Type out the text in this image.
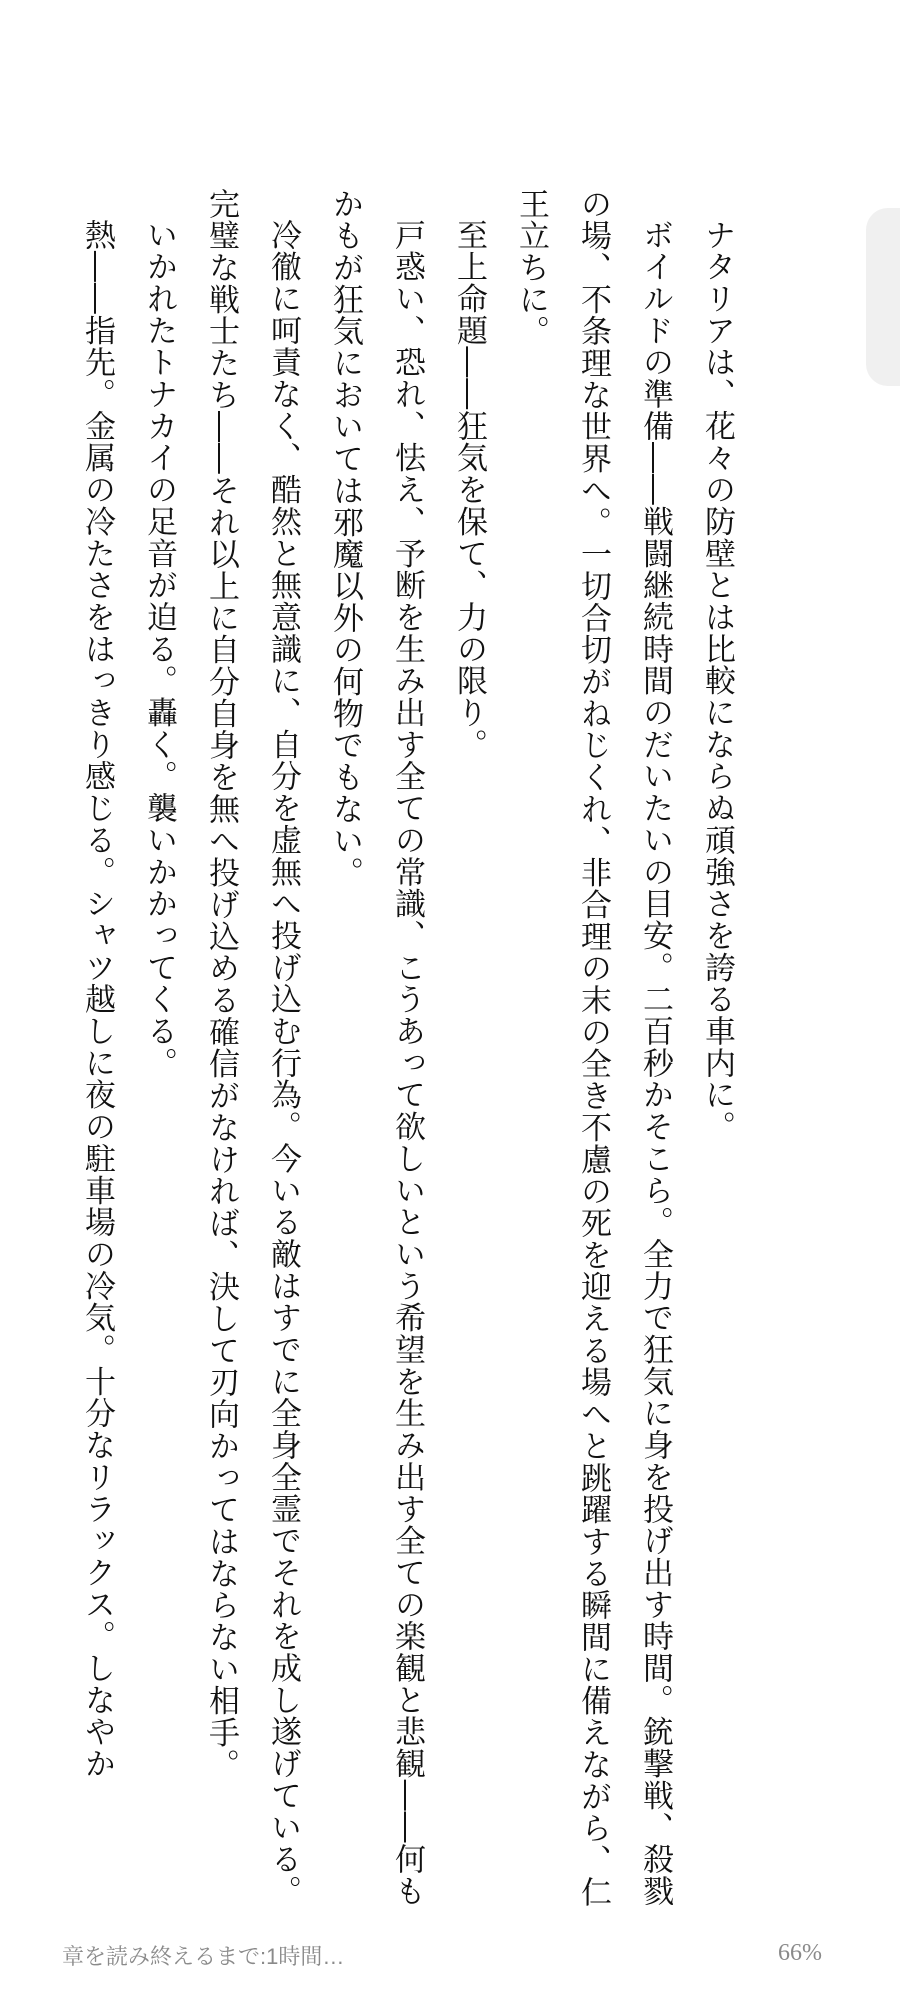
ナタリアは、花々の防壁とは比較にならぬ頑強さを誇る車内に。

ボイルドの準備――戦闘継続時間のだいたいの目安。二百秒かそこら。全力で狂気に身を投げ出す時間。銃撃戦、殺戮の場、不条理な世界へ。一切合切がねじくれ、非合理の末の全き不慮の死を迎える場へと跳躍する瞬間に備えながら、仁王立ちに。

至上命題――狂気を保て、力の限り。

戸惑い、恐れ、怯え、予断を生み出す全ての常識、こうあって欲しいという希望を生み出す全ての楽観と悲観――何もかもが狂気においては邪魔以外の何物でもない。

冷徹に呵責なく、酷然と無意識に、自分を虚無へ投げ込む行為。今いる敵はすでに全身全霊でそれを成し遂げている。完璧な戦士たち――それ以上に自分自身を無へ投げ込める確信がなければ、決して刃向かってはならない相手。

いかれたトナカイの足音が迫る。轟く。襲いかかってくる。

熱――指先。金属の冷たさをはっきり感じる。シャツ越しに夜の駐車場の冷気。十分なリラックス。しなやか

章を読み終えるまで:1時間…	66%
